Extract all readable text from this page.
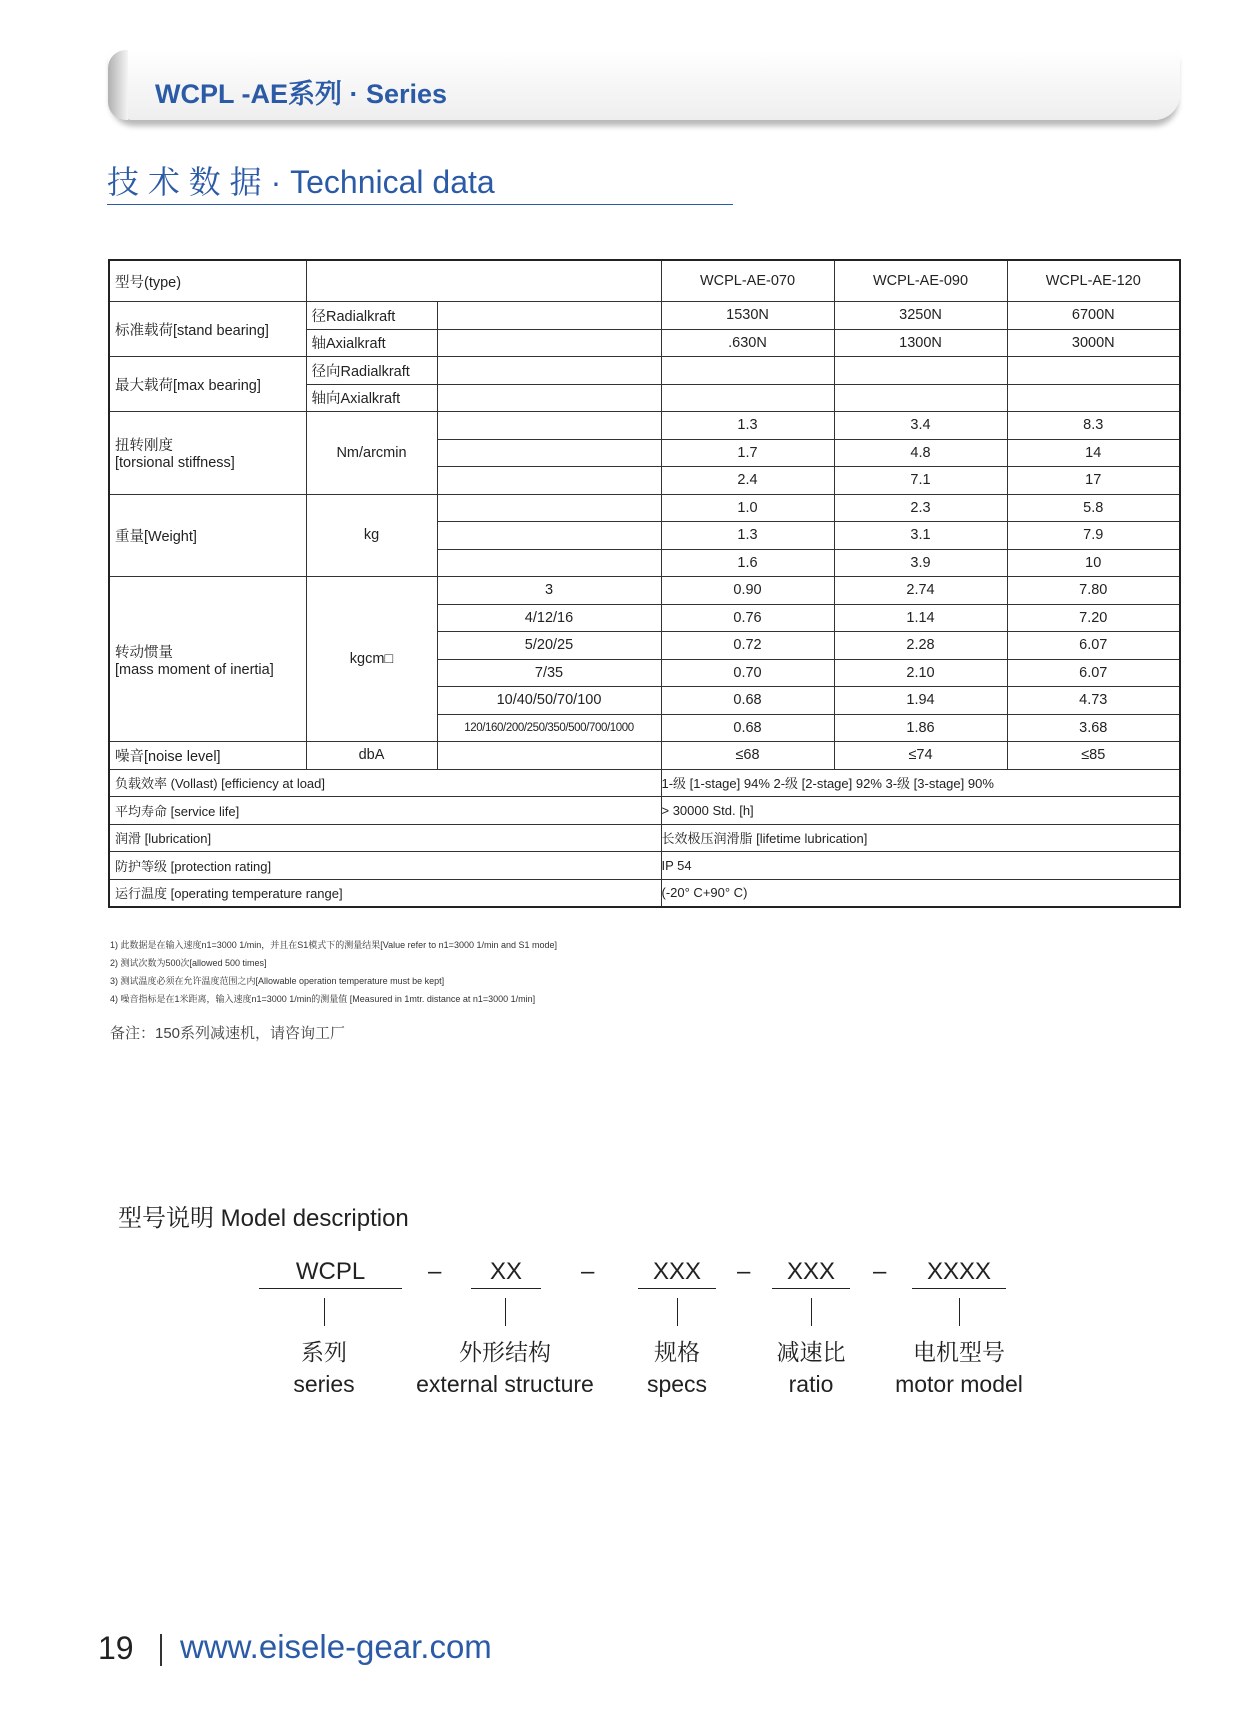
WCPL -AE系列 · Series
技 术 数 据 · Technical data
型号(type)			WCPL-AE-070	WCPL-AE-090	WCPL-AE-120
标准载荷[stand bearing]	径Radialkraft		1530N	3250N	6700N
	轴Axialkraft		.630N	1300N	3000N
最大载荷[max bearing]	径向Radialkraft				
	轴向Axialkraft				

扭转刚度
[torsional stiffness]	Nm/arcmin		1.3	3.4	8.3
			1.7	4.8	14
			2.4	7.1	17
重量[Weight]	kg		1.0	2.3	5.8
			1.3	3.1	7.9
			1.6	3.9	10

转动惯量
[mass moment of inertia]	kgcm□	3	0.90	2.74	7.80
		4/12/16	0.76	1.14	7.20
		5/20/25	0.72	2.28	6.07
		7/35	0.70	2.10	6.07
		10/40/50/70/100	0.68	1.94	4.73
		120/160/200/250/350/500/700/1000	0.68	1.86	3.68
噪音[noise level]	dbA		≤68	≤74	≤85
负载效率 (Vollast) [efficiency at load]			1-级 [1-stage] 94% 2-级 [2-stage] 92% 3-级 [3-stage] 90%		
平均寿命 [service life]			> 30000 Std. [h]		
润滑 [lubrication]			长效极压润滑脂 [lifetime lubrication]		
防护等级 [protection rating]			IP 54		
运行温度 [operating temperature range]			(-20° C+90° C)		
1) 此数据是在输入速度n1=3000 1/min，并且在S1模式下的测量结果[Value refer to n1=3000 1/min and S1 mode]
2) 测试次数为500次[allowed 500 times]
3) 测试温度必须在允许温度范围之内[Allowable operation temperature must be kept]
4) 噪音指标是在1米距离，输入速度n1=3000 1/min的测量值 [Measured in 1mtr. distance at n1=3000 1/min]
备注：150系列减速机，请咨询工厂
型号说明 Model description
WCPL	–	XX	–	XXX	–	XXX	–	XXXX
系列
series
外形结构
external structure
规格
specs
减速比
ratio
电机型号
motor model
19 www.eisele-gear.com
